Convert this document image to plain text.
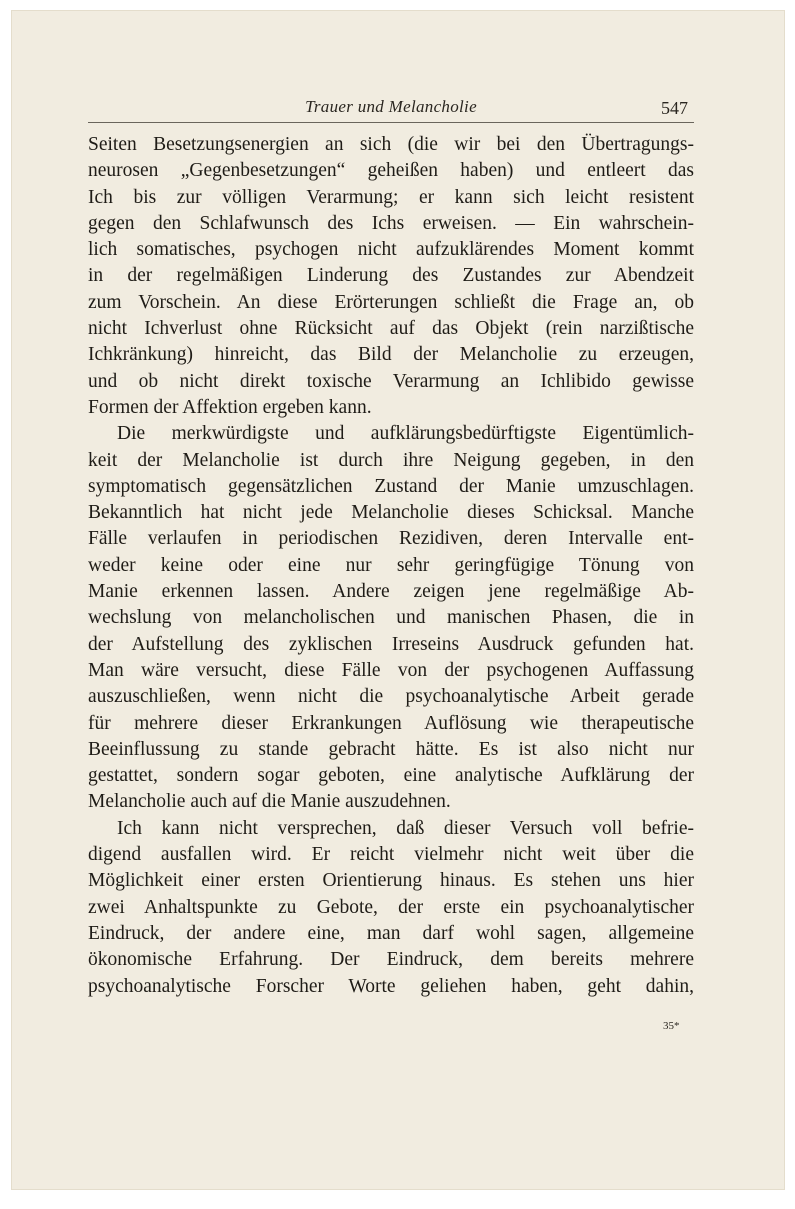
Trauer und Melancholie	547
Seiten Besetzungsenergien an sich (die wir bei den Übertragungs-
neurosen „Gegenbesetzungen“ geheißen haben) und entleert das
Ich bis zur völligen Verarmung; er kann sich leicht resistent
gegen den Schlafwunsch des Ichs erweisen. — Ein wahrschein-
lich somatisches, psychogen nicht aufzuklärendes Moment kommt
in der regelmäßigen Linderung des Zustandes zur Abendzeit
zum Vorschein. An diese Erörterungen schließt die Frage an, ob
nicht Ichverlust ohne Rücksicht auf das Objekt (rein narzißtische
Ichkränkung) hinreicht, das Bild der Melancholie zu erzeugen,
und ob nicht direkt toxische Verarmung an Ichlibido gewisse
Formen der Affektion ergeben kann.
Die merkwürdigste und aufklärungsbedürftigste Eigentümlich-
keit der Melancholie ist durch ihre Neigung gegeben, in den
symptomatisch gegensätzlichen Zustand der Manie umzuschlagen.
Bekanntlich hat nicht jede Melancholie dieses Schicksal. Manche
Fälle verlaufen in periodischen Rezidiven, deren Intervalle ent-
weder keine oder eine nur sehr geringfügige Tönung von
Manie erkennen lassen. Andere zeigen jene regelmäßige Ab-
wechslung von melancholischen und manischen Phasen, die in
der Aufstellung des zyklischen Irreseins Ausdruck gefunden hat.
Man wäre versucht, diese Fälle von der psychogenen Auffassung
auszuschließen, wenn nicht die psychoanalytische Arbeit gerade
für mehrere dieser Erkrankungen Auflösung wie therapeutische
Beeinflussung zu stande gebracht hätte. Es ist also nicht nur
gestattet, sondern sogar geboten, eine analytische Aufklärung der
Melancholie auch auf die Manie auszudehnen.
Ich kann nicht versprechen, daß dieser Versuch voll befrie-
digend ausfallen wird. Er reicht vielmehr nicht weit über die
Möglichkeit einer ersten Orientierung hinaus. Es stehen uns hier
zwei Anhaltspunkte zu Gebote, der erste ein psychoanalytischer
Eindruck, der andere eine, man darf wohl sagen, allgemeine
ökonomische Erfahrung. Der Eindruck, dem bereits mehrere
psychoanalytische Forscher Worte geliehen haben, geht dahin,
35*
